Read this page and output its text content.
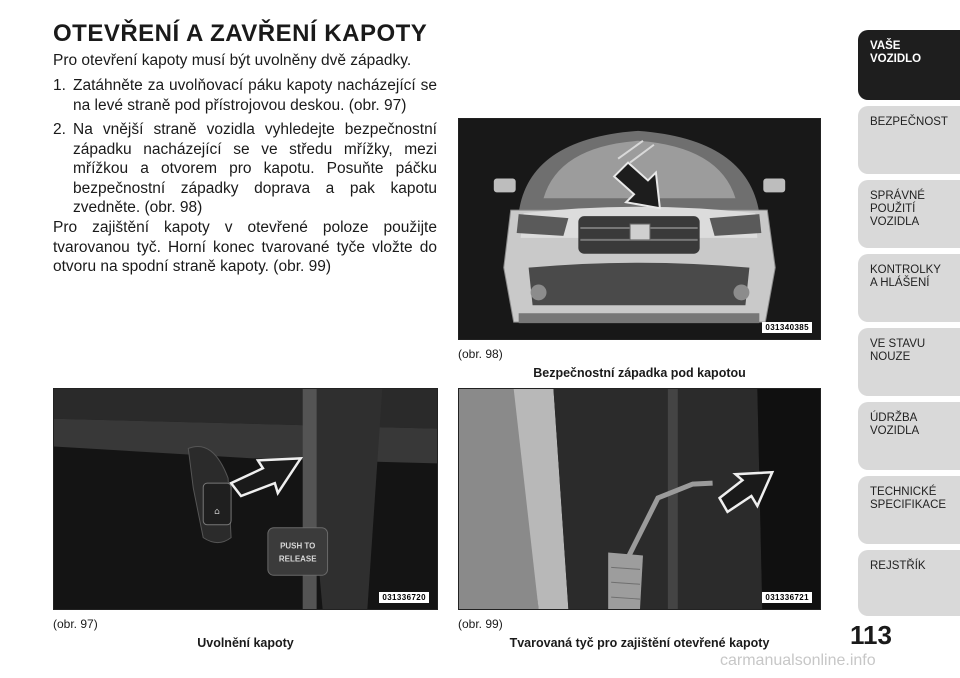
OTEVŘENÍ A ZAVŘENÍ KAPOTY
Pro otevření kapoty musí být uvolněny dvě západky.
1. Zatáhněte za uvolňovací páku kapoty nacházející se na levé straně pod přístrojovou deskou. (obr. 97)
2. Na vnější straně vozidla vyhledejte bezpečnostní západku nacházející se ve středu mřížky, mezi mřížkou a otvorem pro kapotu. Posuňte páčku bezpečnostní západky doprava a pak kapotu zvedněte. (obr. 98)
Pro zajištění kapoty v otevřené poloze použijte tvarovanou tyč. Horní konec tvarované tyče vložte do otvoru na spodní straně kapoty. (obr. 99)
031340385
(obr. 98)
Bezpečnostní západka pod kapotou
⌂
PUSH TO
RELEASE
031336720
(obr. 97)
Uvolnění kapoty
031336721
(obr. 99)
Tvarovaná tyč pro zajištění otevřené kapoty
VAŠE
VOZIDLO
BEZPEČNOST
SPRÁVNÉ
POUŽITÍ
VOZIDLA
KONTROLKY
A HLÁŠENÍ
VE STAVU
NOUZE
ÚDRŽBA
VOZIDLA
TECHNICKÉ
SPECIFIKACE
REJSTŘÍK
113
carmanualsonline.info
